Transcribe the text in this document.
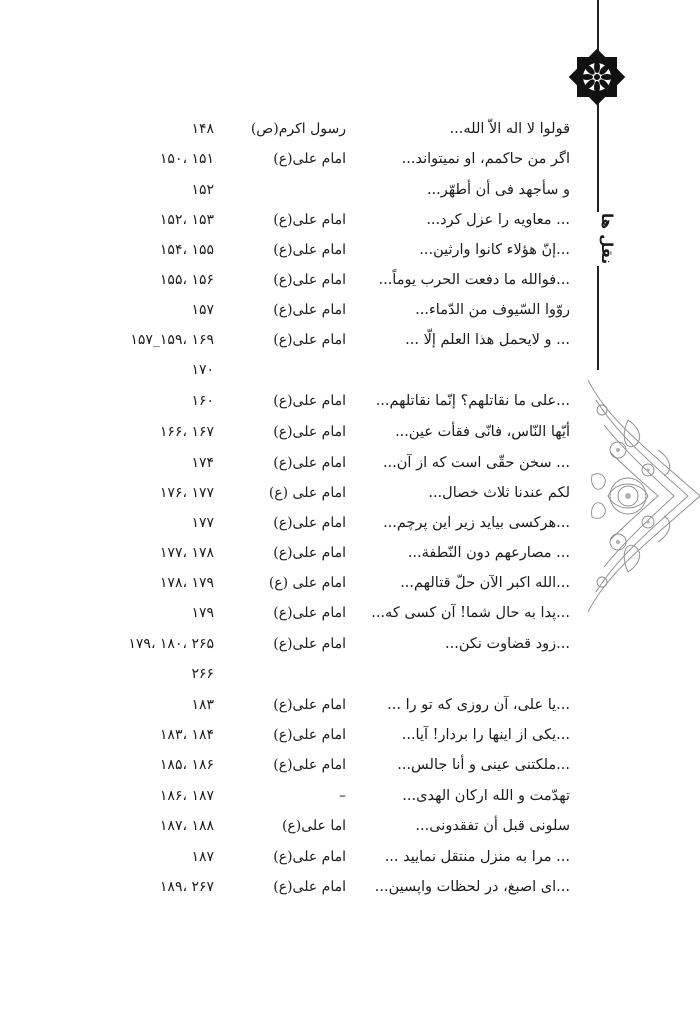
نقل ها
قولوا لا اله الاّ الله...
رسول اکرم(ص)
۱۴۸
اگر من حاکمم، او نمیتواند...
امام علی(ع)
۱۵۱ ،۱۵۰
و سأجهد فی أن أطهّر...
۱۵۲
... معاویه را عزل کرد...
امام علی(ع)
۱۵۳ ،۱۵۲
...إنّ هؤلاء کانوا وارثین...
امام علی(ع)
۱۵۵ ،۱۵۴
...فوالله ما دفعت الحرب یوماً...
امام علی(ع)
۱۵۶ ،۱۵۵
روّوا السّیوف من الدّماء...
امام علی(ع)
۱۵۷
... و لایحمل هذا العلم إلّا ...
امام علی(ع)
۱۶۹ ،۱۵۹_۱۵۷
۱۷۰
...علی ما نقاتلهم؟ إنّما نقاتلهم...
امام علی(ع)
۱۶۰
أیّها النّاس، فانّی فقأت عین...
امام علی(ع)
۱۶۷ ،۱۶۶
... سخن حقّی است که از آن...
امام علی(ع)
۱۷۴
لکم عندنا ثلاث خصال...
امام علی (ع)
۱۷۷ ،۱۷۶
...هرکسی بیاید زیر این پرچم...
امام علی(ع)
۱۷۷
... مصارعهم دون النّطفة...
امام علی(ع)
۱۷۸ ،۱۷۷
...الله اکبر الآن حلّ قتالهم...
امام علی (ع)
۱۷۹ ،۱۷۸
...پدا به حال شما! آن کسی که...
امام علی(ع)
۱۷۹
...زود قضاوت نکن...
امام علی(ع)
۲۶۵ ،۱۸۰ ،۱۷۹
۲۶۶
...یا علی، آن روزی که تو را ...
امام علی(ع)
۱۸۳
...یکی از اینها را بردار! آیا...
امام علی(ع)
۱۸۴ ،۱۸۳
...ملکتنی عینی و أنا جالس...
امام علی(ع)
۱۸۶ ،۱۸۵
تهدّمت و الله ارکان الهدی...
–
۱۸۷ ،۱۸۶
سلونی قبل أن تفقدونی...
اما علی(ع)
۱۸۸ ،۱۸۷
... مرا به منزل منتقل نمایید ...
امام علی(ع)
۱۸۷
...ای اصبغ، در لحظات واپسین...
امام علی(ع)
۲۶۷ ،۱۸۹
